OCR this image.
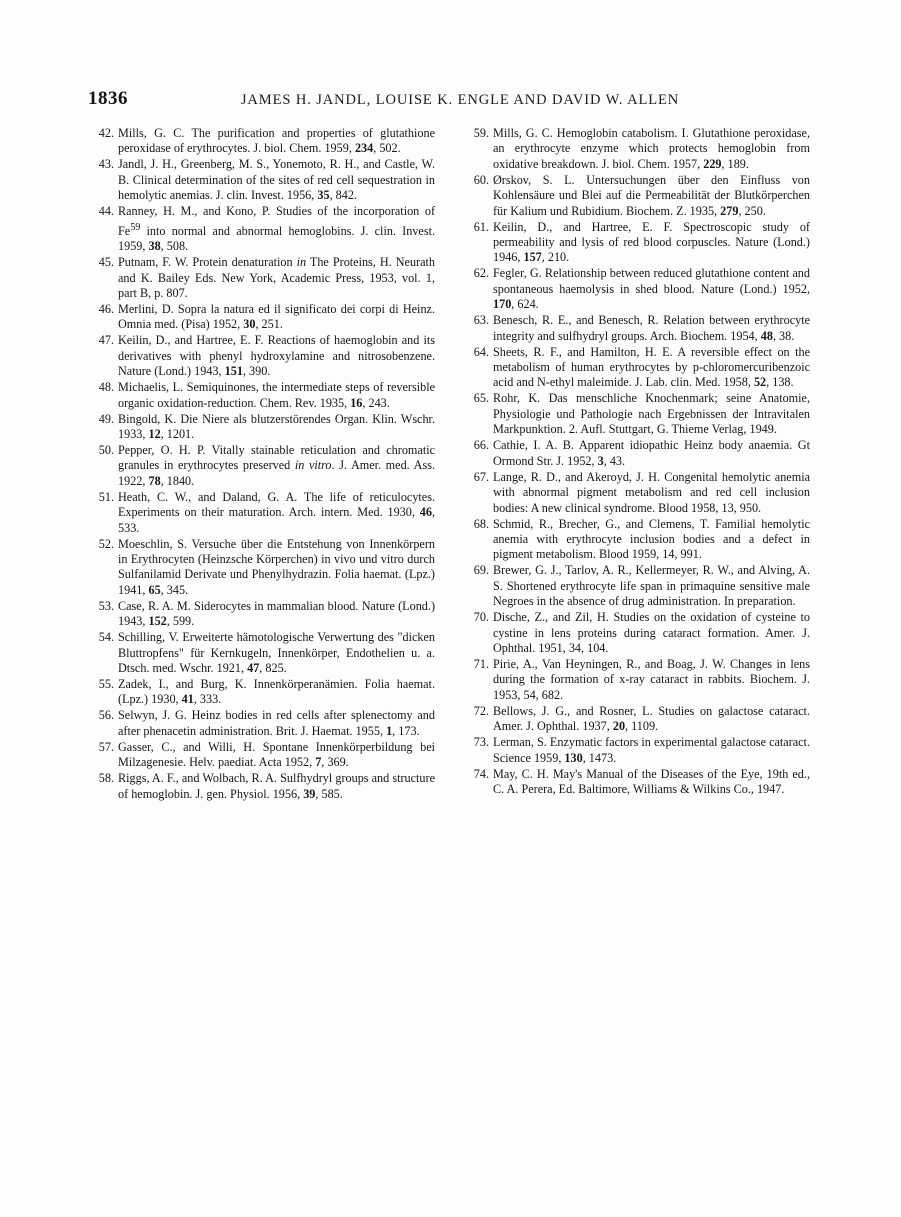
1836	JAMES H. JANDL, LOUISE K. ENGLE AND DAVID W. ALLEN
42. Mills, G. C. The purification and properties of glutathione peroxidase of erythrocytes. J. biol. Chem. 1959, 234, 502.
43. Jandl, J. H., Greenberg, M. S., Yonemoto, R. H., and Castle, W. B. Clinical determination of the sites of red cell sequestration in hemolytic anemias. J. clin. Invest. 1956, 35, 842.
44. Ranney, H. M., and Kono, P. Studies of the incorporation of Fe$^{59}$ into normal and abnormal hemoglobins. J. clin. Invest. 1959, 38, 508.
45. Putnam, F. W. Protein denaturation in The Proteins, H. Neurath and K. Bailey Eds. New York, Academic Press, 1953, vol. 1, part B, p. 807.
46. Merlini, D. Sopra la natura ed il significato dei corpi di Heinz. Omnia med. (Pisa) 1952, 30, 251.
47. Keilin, D., and Hartree, E. F. Reactions of haemoglobin and its derivatives with phenyl hydroxylamine and nitrosobenzene. Nature (Lond.) 1943, 151, 390.
48. Michaelis, L. Semiquinones, the intermediate steps of reversible organic oxidation-reduction. Chem. Rev. 1935, 16, 243.
49. Bingold, K. Die Niere als blutzerstörendes Organ. Klin. Wschr. 1933, 12, 1201.
50. Pepper, O. H. P. Vitally stainable reticulation and chromatic granules in erythrocytes preserved in vitro. J. Amer. med. Ass. 1922, 78, 1840.
51. Heath, C. W., and Daland, G. A. The life of reticulocytes. Experiments on their maturation. Arch. intern. Med. 1930, 46, 533.
52. Moeschlin, S. Versuche über die Entstehung von Innenkörpern in Erythrocyten (Heinzsche Körperchen) in vivo und vitro durch Sulfanilamid Derivate und Phenylhydrazin. Folia haemat. (Lpz.) 1941, 65, 345.
53. Case, R. A. M. Siderocytes in mammalian blood. Nature (Lond.) 1943, 152, 599.
54. Schilling, V. Erweiterte hämotologische Verwertung des "dicken Bluttropfens" für Kernkugeln, Innenkörper, Endothelien u. a. Dtsch. med. Wschr. 1921, 47, 825.
55. Zadek, I., and Burg, K. Innenkörperanämien. Folia haemat. (Lpz.) 1930, 41, 333.
56. Selwyn, J. G. Heinz bodies in red cells after splenectomy and after phenacetin administration. Brit. J. Haemat. 1955, 1, 173.
57. Gasser, C., and Willi, H. Spontane Innenkörperbildung bei Milzagenesie. Helv. paediat. Acta 1952, 7, 369.
58. Riggs, A. F., and Wolbach, R. A. Sulfhydryl groups and structure of hemoglobin. J. gen. Physiol. 1956, 39, 585.
59. Mills, G. C. Hemoglobin catabolism. I. Glutathione peroxidase, an erythrocyte enzyme which protects hemoglobin from oxidative breakdown. J. biol. Chem. 1957, 229, 189.
60. Ørskov, S. L. Untersuchungen über den Einfluss von Kohlensäure und Blei auf die Permeabilität der Blutkörperchen für Kalium und Rubidium. Biochem. Z. 1935, 279, 250.
61. Keilin, D., and Hartree, E. F. Spectroscopic study of permeability and lysis of red blood corpuscles. Nature (Lond.) 1946, 157, 210.
62. Fegler, G. Relationship between reduced glutathione content and spontaneous haemolysis in shed blood. Nature (Lond.) 1952, 170, 624.
63. Benesch, R. E., and Benesch, R. Relation between erythrocyte integrity and sulfhydryl groups. Arch. Biochem. 1954, 48, 38.
64. Sheets, R. F., and Hamilton, H. E. A reversible effect on the metabolism of human erythrocytes by p-chloromercuribenzoic acid and N-ethyl maleimide. J. Lab. clin. Med. 1958, 52, 138.
65. Rohr, K. Das menschliche Knochenmark; seine Anatomie, Physiologie und Pathologie nach Ergebnissen der Intravitalen Markpunktion. 2. Aufl. Stuttgart, G. Thieme Verlag, 1949.
66. Cathie, I. A. B. Apparent idiopathic Heinz body anaemia. Gt Ormond Str. J. 1952, 3, 43.
67. Lange, R. D., and Akeroyd, J. H. Congenital hemolytic anemia with abnormal pigment metabolism and red cell inclusion bodies: A new clinical syndrome. Blood 1958, 13, 950.
68. Schmid, R., Brecher, G., and Clemens, T. Familial hemolytic anemia with erythrocyte inclusion bodies and a defect in pigment metabolism. Blood 1959, 14, 991.
69. Brewer, G. J., Tarlov, A. R., Kellermeyer, R. W., and Alving, A. S. Shortened erythrocyte life span in primaquine sensitive male Negroes in the absence of drug administration. In preparation.
70. Dische, Z., and Zil, H. Studies on the oxidation of cysteine to cystine in lens proteins during cataract formation. Amer. J. Ophthal. 1951, 34, 104.
71. Pirie, A., Van Heyningen, R., and Boag, J. W. Changes in lens during the formation of x-ray cataract in rabbits. Biochem. J. 1953, 54, 682.
72. Bellows, J. G., and Rosner, L. Studies on galactose cataract. Amer. J. Ophthal. 1937, 20, 1109.
73. Lerman, S. Enzymatic factors in experimental galactose cataract. Science 1959, 130, 1473.
74. May, C. H. May's Manual of the Diseases of the Eye, 19th ed., C. A. Perera, Ed. Baltimore, Williams & Wilkins Co., 1947.
